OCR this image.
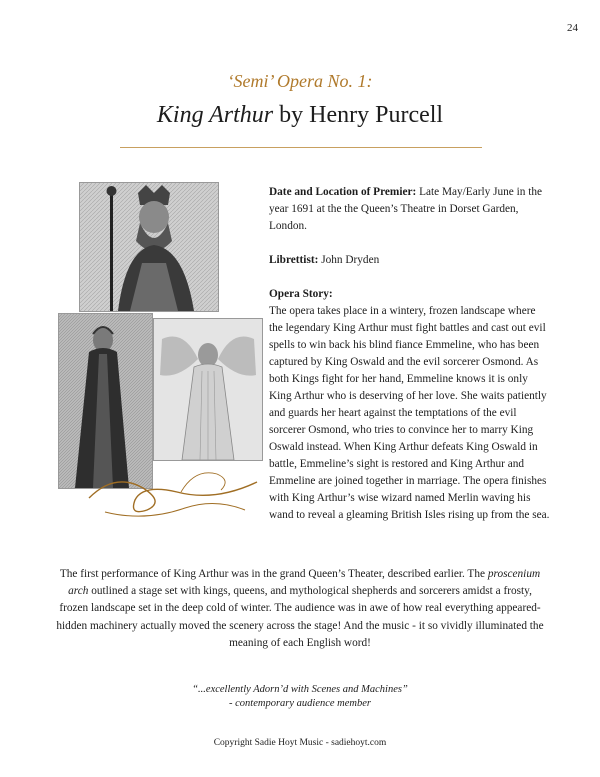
24
‘Semi’ Opera No. 1:
King Arthur by Henry Purcell

Date and Location of Premier: Late May/Early June in the year 1691 at the the Queen’s Theatre in Dorset Garden, London.

Librettist: John Dryden

Opera Story:
The opera takes place in a wintery, frozen landscape where the legendary King Arthur must fight battles and cast out evil spells to win back his blind fiance Emmeline, who has been captured by King Oswald and the evil sorcerer Osmond. As both Kings fight for her hand, Emmeline knows it is only King Arthur who is deserving of her love. She waits patiently and guards her heart against the temptations of the evil sorcerer Osmond, who tries to convince her to marry King Oswald instead. When King Arthur defeats King Oswald in battle, Emmeline’s sight is restored and King Arthur and Emmeline are joined together in marriage. The opera finishes with King Arthur’s wise wizard named Merlin waving his wand to reveal a gleaming British Isles rising up from the sea.

The first performance of King Arthur was in the grand Queen’s Theater, described earlier. The proscenium arch outlined a stage set with kings, queens, and mythological shepherds and sorcerers amidst a frosty, frozen landscape set in the deep cold of winter. The audience was in awe of how real everything appeared- hidden machinery actually moved the scenery across the stage! And the music - it so vividly illuminated the meaning of each English word!
“...excellently Adorn’d with Scenes and Machines”
- contemporary audience member
Copyright Sadie Hoyt Music - sadiehoyt.com
